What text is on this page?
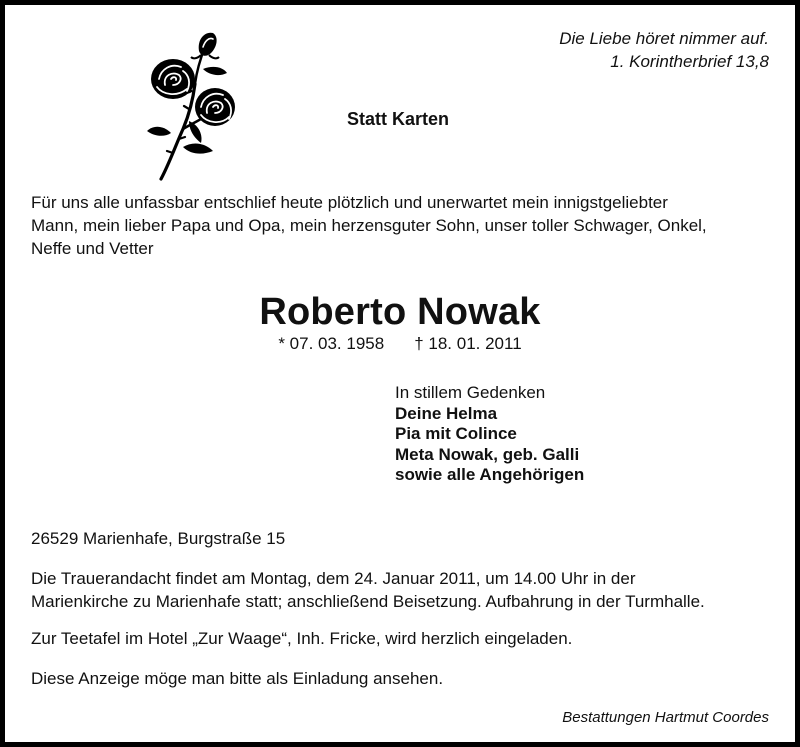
Die Liebe höret nimmer auf.
1. Korintherbrief 13,8
Statt Karten
Für uns alle unfassbar entschlief heute plötzlich und unerwartet mein innigstgeliebter
Mann, mein lieber Papa und Opa, mein herzensguter Sohn, unser toller Schwager, Onkel,
Neffe und Vetter
Roberto Nowak
* 07. 03. 1958 † 18. 01. 2011
In stillem Gedenken
Deine Helma
Pia mit Colince
Meta Nowak, geb. Galli
sowie alle Angehörigen
26529 Marienhafe, Burgstraße 15
Die Trauerandacht findet am Montag, dem 24. Januar 2011, um 14.00 Uhr in der
Marienkirche zu Marienhafe statt; anschließend Beisetzung. Aufbahrung in der Turmhalle.
Zur Teetafel im Hotel „Zur Waage“, Inh. Fricke, wird herzlich eingeladen.
Diese Anzeige möge man bitte als Einladung ansehen.
Bestattungen Hartmut Coordes
